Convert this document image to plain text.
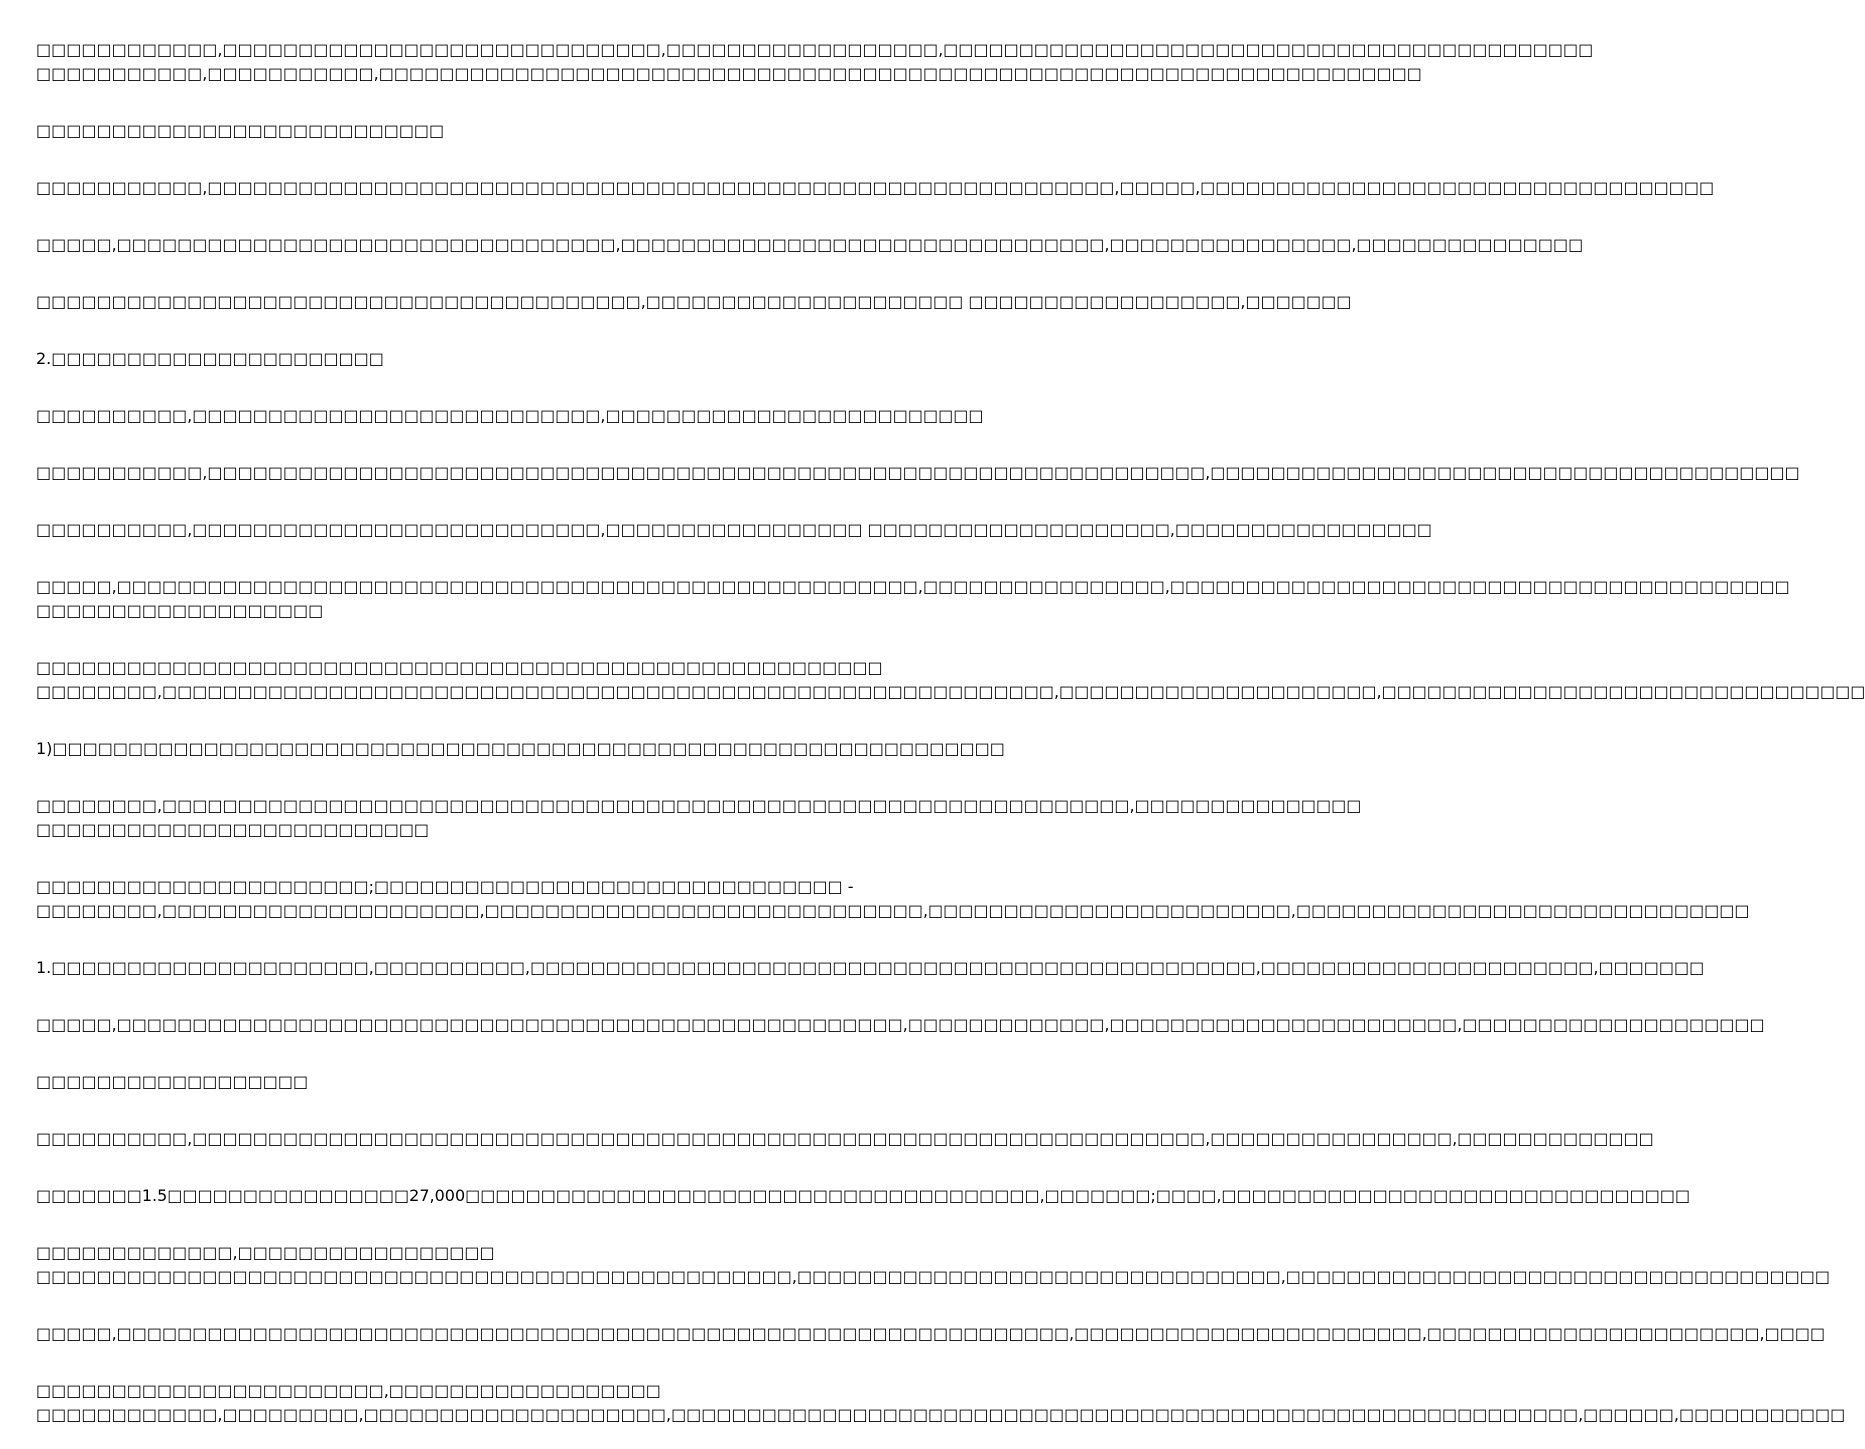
□□□□□□□□□□□□,□□□□□□□□□□□□□□□□□□□□□□□□□□□□□,□□□□□□□□□□□□□□□□□□,□□□□□□□□□□□□□□□□□□□□□□□□□□□□□□□□□□□□□□□□□□□
□□□□□□□□□□□,□□□□□□□□□□□,□□□□□□□□□□□□□□□□□□□□□□□□□□□□□□□□□□□□□□□□□□□□□□□□□□□□□□□□□□□□□□□□□□□□□
□□□□□□□□□□□□□□□□□□□□□□□□□□□
□□□□□□□□□□□,□□□□□□□□□□□□□□□□□□□□□□□□□□□□□□□□□□□□□□□□□□□□□□□□□□□□□□□□□□□□,□□□□□,□□□□□□□□□□□□□□□□□□□□□□□□□□□□□□□□□□
□□□□□,□□□□□□□□□□□□□□□□□□□□□□□□□□□□□□□□□,□□□□□□□□□□□□□□□□□□□□□□□□□□□□□□□□,□□□□□□□□□□□□□□□□,□□□□□□□□□□□□□□□
□□□□□□□□□□□□□□□□□□□□□□□□□□□□□□□□□□□□□□□□,□□□□□□□□□□□□□□□□□□□□□ □□□□□□□□□□□□□□□□□□,□□□□□□□
2.□□□□□□□□□□□□□□□□□□□□□□
□□□□□□□□□□,□□□□□□□□□□□□□□□□□□□□□□□□□□□,□□□□□□□□□□□□□□□□□□□□□□□□□
□□□□□□□□□□□,□□□□□□□□□□□□□□□□□□□□□□□□□□□□□□□□□□□□□□□□□□□□□□□□□□□□□□□□□□□□□□□□□□,□□□□□□□□□□□□□□□□□□□□□□□□□□□□□□□□□□□□□□□
□□□□□□□□□□,□□□□□□□□□□□□□□□□□□□□□□□□□□□,□□□□□□□□□□□□□□□□□ □□□□□□□□□□□□□□□□□□□□,□□□□□□□□□□□□□□□□□
□□□□□,□□□□□□□□□□□□□□□□□□□□□□□□□□□□□□□□□□□□□□□□□□□□□□□□□□□□□,□□□□□□□□□□□□□□□□,□□□□□□□□□□□□□□□□□□□□□□□□□□□□□□□□□□□□□□□□□
□□□□□□□□□□□□□□□□□□□
□□□□□□□□□□□□□□□□□□□□□□□□□□□□□□□□□□□□□□□□□□□□□□□□□□□□□□□□
□□□□□□□□,□□□□□□□□□□□□□□□□□□□□□□□□□□□□□□□□□□□□□□□□□□□□□□□□□□□□□□□□□□□,□□□□□□□□□□□□□□□□□□□□□,□□□□□□□□□□□□□□□□□□□□□□□□□□□□□□□□
1)□□□□□□□□□□□□□□□□□□□□□□□□□□□□□□□□□□□□□□□□□□□□□□□□□□□□□□□□□□□□□□□
□□□□□□□□,□□□□□□□□□□□□□□□□□□□□□□□□□□□□□□□□□□□□□□□□□□□□□□□□□□□□□□□□□□□□□□□□,□□□□□□□□□□□□□□□
□□□□□□□□□□□□□□□□□□□□□□□□□□
□□□□□□□□□□□□□□□□□□□□□□;□□□□□□□□□□□□□□□□□□□□□□□□□□□□□□□ -
□□□□□□□□,□□□□□□□□□□□□□□□□□□□□□,□□□□□□□□□□□□□□□□□□□□□□□□□□□□□,□□□□□□□□□□□□□□□□□□□□□□□□,□□□□□□□□□□□□□□□□□□□□□□□□□□□□□□
1.□□□□□□□□□□□□□□□□□□□□□,□□□□□□□□□□,□□□□□□□□□□□□□□□□□□□□□□□□□□□□□□□□□□□□□□□□□□□□□□□□,□□□□□□□□□□□□□□□□□□□□□□,□□□□□□□
□□□□□,□□□□□□□□□□□□□□□□□□□□□□□□□□□□□□□□□□□□□□□□□□□□□□□□□□□□,□□□□□□□□□□□□□,□□□□□□□□□□□□□□□□□□□□□□□,□□□□□□□□□□□□□□□□□□□□
□□□□□□□□□□□□□□□□□□
□□□□□□□□□□,□□□□□□□□□□□□□□□□□□□□□□□□□□□□□□□□□□□□□□□□□□□□□□□□□□□□□□□□□□□□□□□□□□□,□□□□□□□□□□□□□□□□,□□□□□□□□□□□□□
□□□□□□□1.5□□□□□□□□□□□□□□□□27,000□□□□□□□□□□□□□□□□□□□□□□□□□□□□□□□□□□□□□□,□□□□□□□;□□□□,□□□□□□□□□□□□□□□□□□□□□□□□□□□□□□□
□□□□□□□□□□□□□,□□□□□□□□□□□□□□□□□
□□□□□□□□□□□□□□□□□□□□□□□□□□□□□□□□□□□□□□□□□□□□□□□□□□,□□□□□□□□□□□□□□□□□□□□□□□□□□□□□□□□,□□□□□□□□□□□□□□□□□□□□□□□□□□□□□□□□□□□□
□□□□□,□□□□□□□□□□□□□□□□□□□□□□□□□□□□□□□□□□□□□□□□□□□□□□□□□□□□□□□□□□□□□□□,□□□□□□□□□□□□□□□□□□□□□□□,□□□□□□□□□□□□□□□□□□□□□□,□□□□
□□□□□□□□□□□□□□□□□□□□□□□,□□□□□□□□□□□□□□□□□□
□□□□□□□□□□□□,□□□□□□□□□,□□□□□□□□□□□□□□□□□□□□,□□□□□□□□□□□□□□□□□□□□□□□□□□□□□□□□□□□□□□□□□□□□□□□□□□□□□□□□□□□□,□□□□□□,□□□□□□□□□□□
